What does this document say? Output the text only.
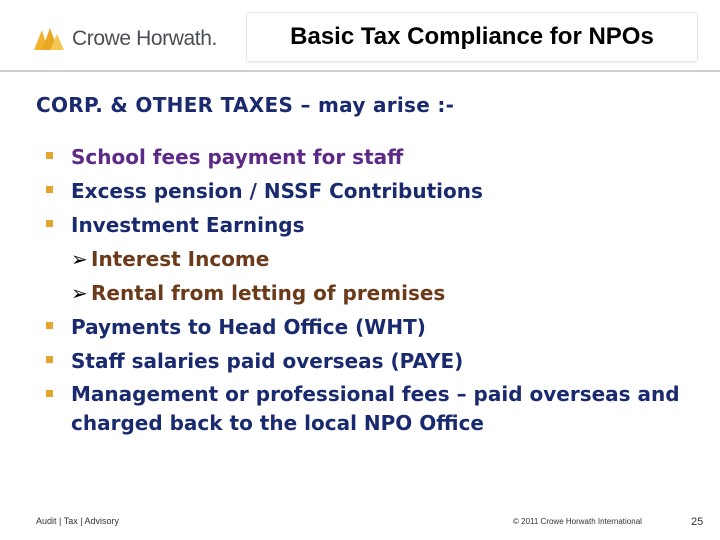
Crowe Horwath.	Basic Tax Compliance for NPOs
CORP. & OTHER TAXES – may arise :-
School fees payment for staff
Excess pension / NSSF Contributions
Investment Earnings
➢ Interest Income
➢ Rental from letting of premises
Payments to Head Office (WHT)
Staff salaries paid overseas (PAYE)
Management or professional fees – paid overseas and charged back to the local NPO Office
Audit | Tax | Advisory	© 2011 Crowe Horwath International	25
